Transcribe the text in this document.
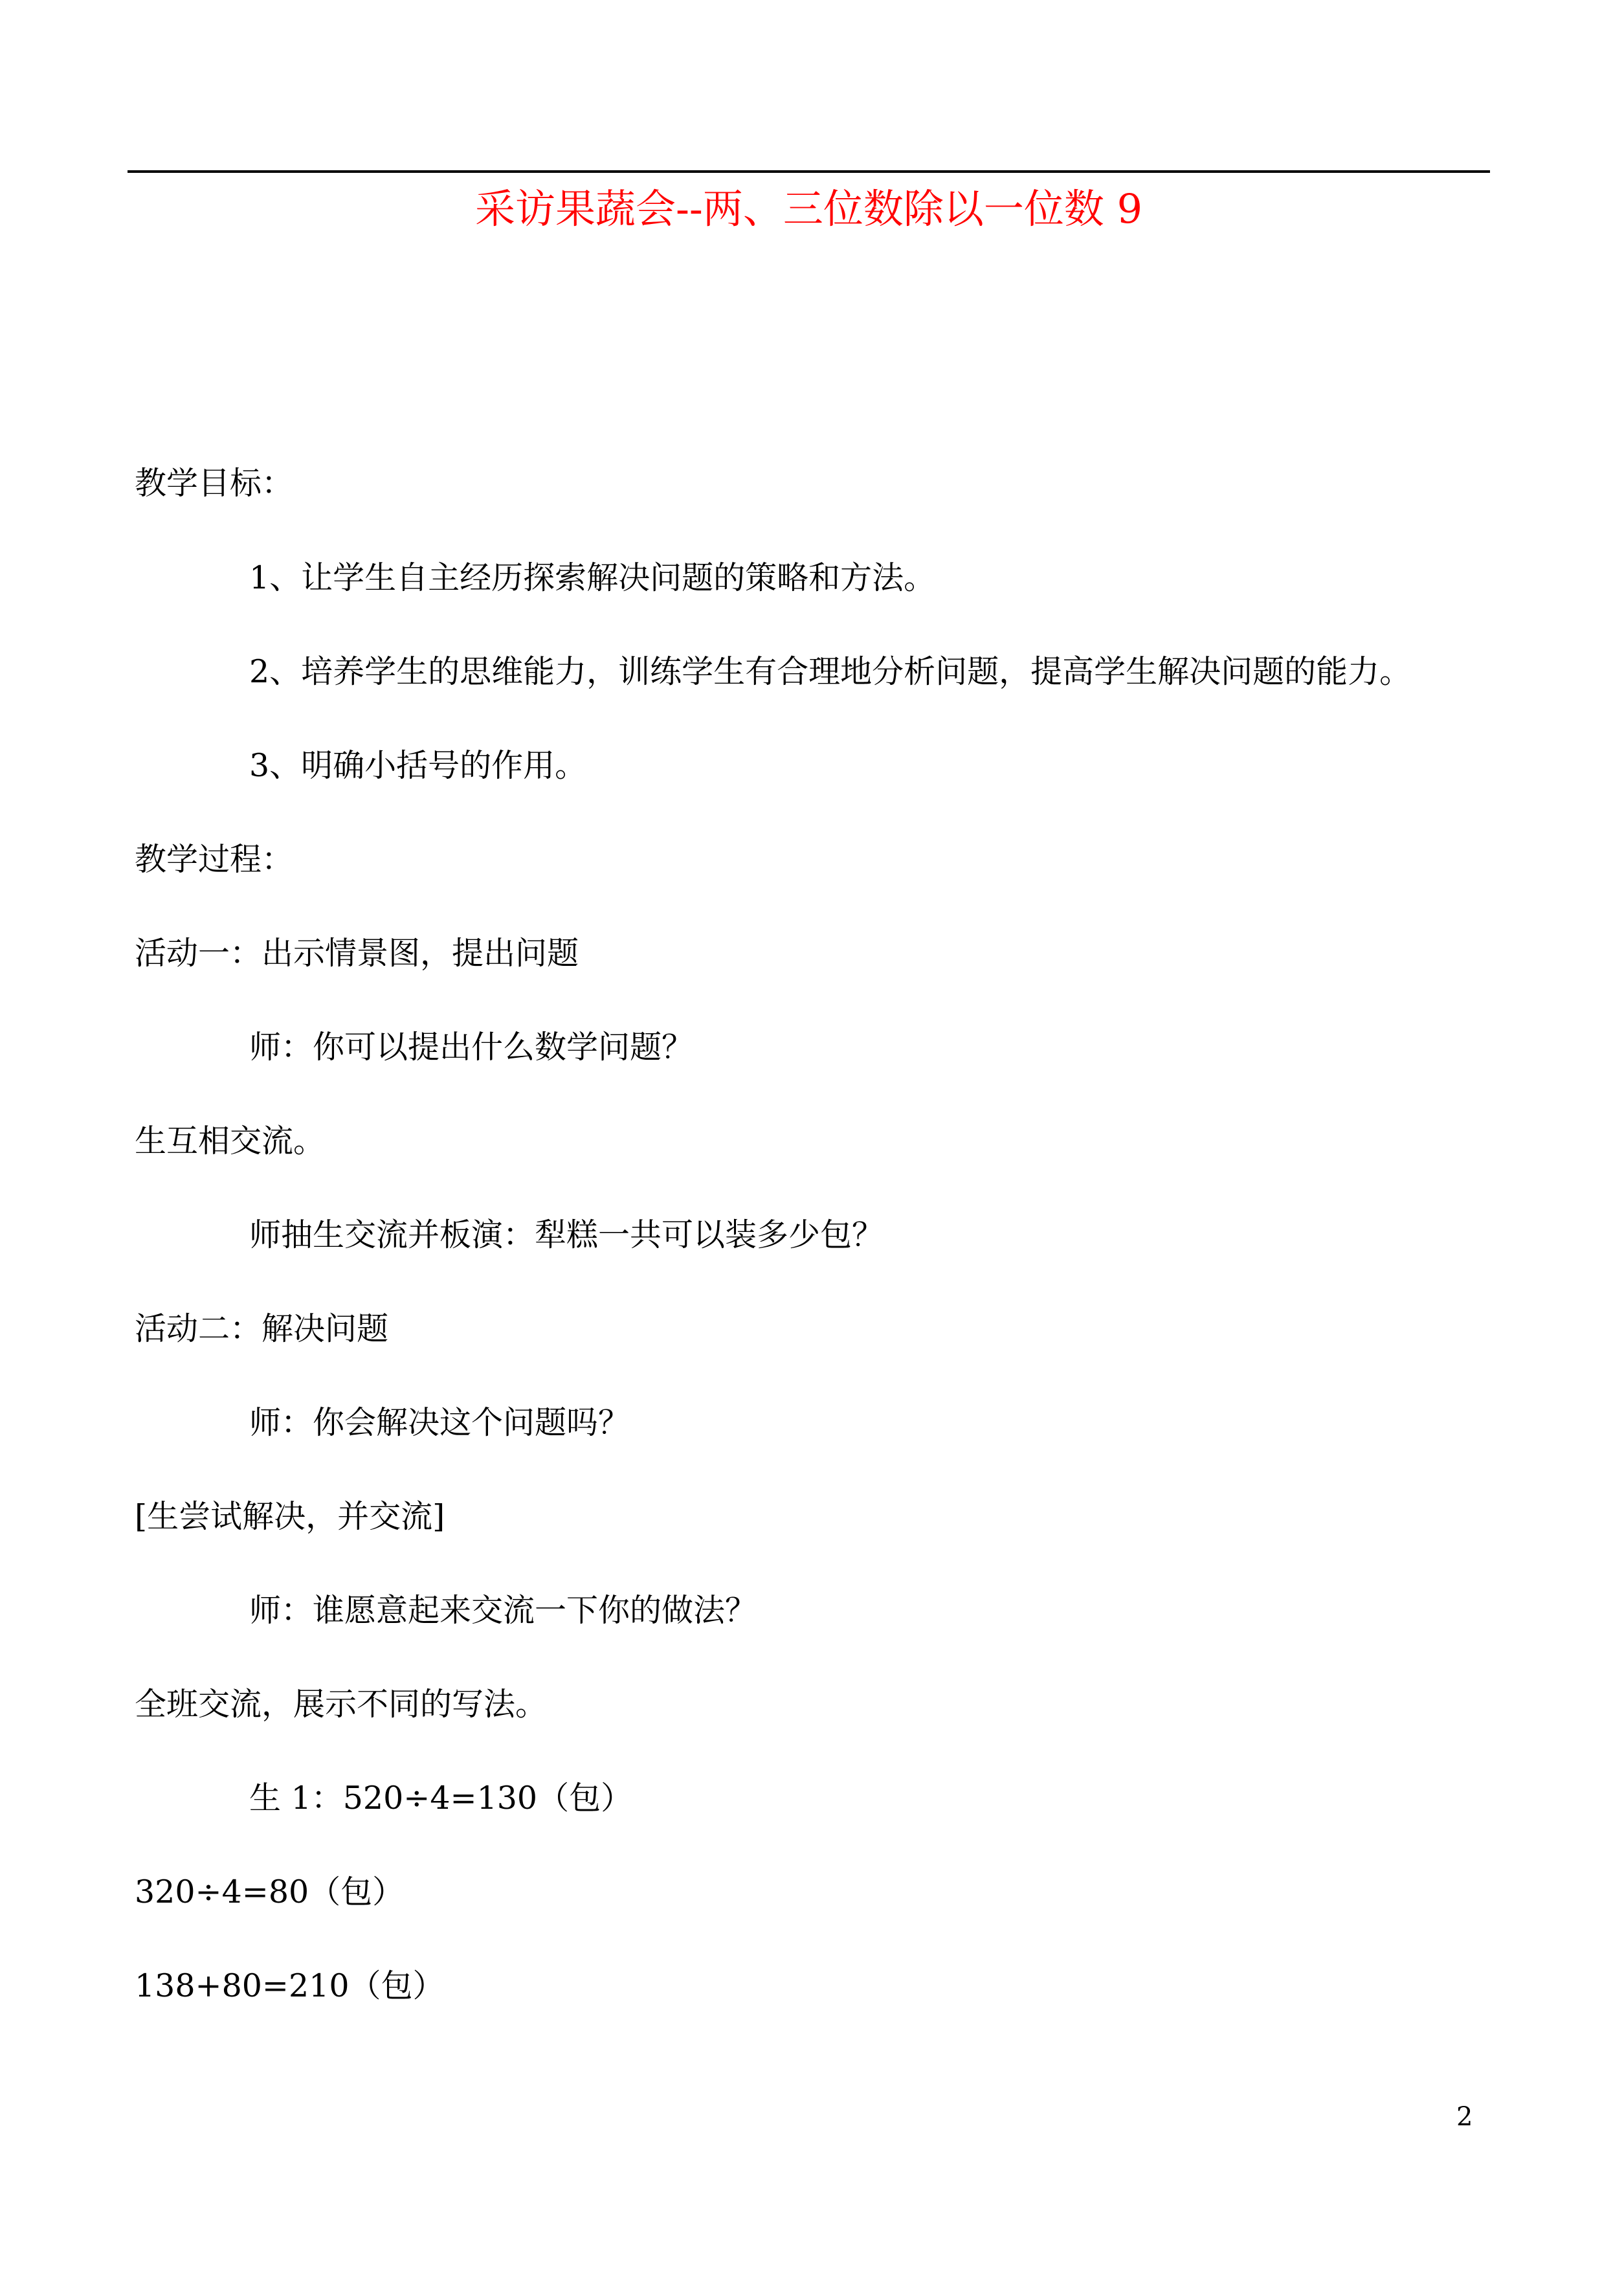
采访果蔬会--两、三位数除以一位数 9
教学目标：
1、让学生自主经历探索解决问题的策略和方法。
2、培养学生的思维能力，训练学生有合理地分析问题，提高学生解决问题的能力。
3、明确小括号的作用。
教学过程：
活动一：出示情景图，提出问题
师：你可以提出什么数学问题？
生互相交流。
师抽生交流并板演：犁糕一共可以装多少包？
活动二：解决问题
师：你会解决这个问题吗？
[生尝试解决，并交流]
师：谁愿意起来交流一下你的做法？
全班交流，展示不同的写法。
生 1：520÷4=130（包）
320÷4=80（包）
138+80=210（包）
2
